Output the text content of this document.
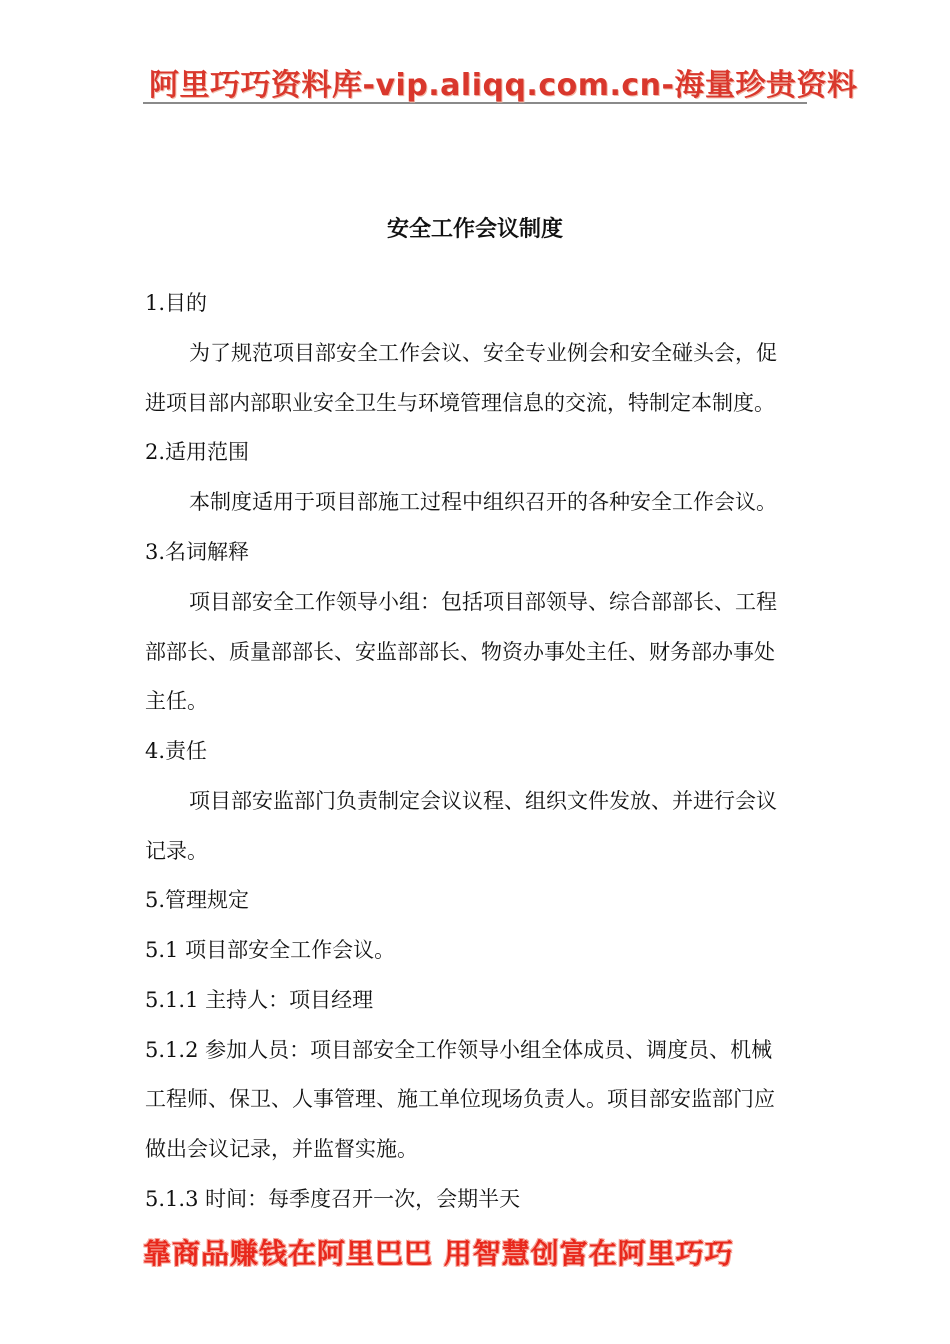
阿里巧巧资料库-vip.aliqq.com.cn-海量珍贵资料
安全工作会议制度
1.目的
为了规范项目部安全工作会议、安全专业例会和安全碰头会，促
进项目部内部职业安全卫生与环境管理信息的交流，特制定本制度。
2.适用范围
本制度适用于项目部施工过程中组织召开的各种安全工作会议。
3.名词解释
项目部安全工作领导小组：包括项目部领导、综合部部长、工程
部部长、质量部部长、安监部部长、物资办事处主任、财务部办事处
主任。
4.责任
项目部安监部门负责制定会议议程、组织文件发放、并进行会议
记录。
5.管理规定
5.1 项目部安全工作会议。
5.1.1 主持人：项目经理
5.1.2 参加人员：项目部安全工作领导小组全体成员、调度员、机械
工程师、保卫、人事管理、施工单位现场负责人。项目部安监部门应
做出会议记录，并监督实施。
5.1.3 时间：每季度召开一次，会期半天
靠商品赚钱在阿里巴巴 用智慧创富在阿里巧巧
